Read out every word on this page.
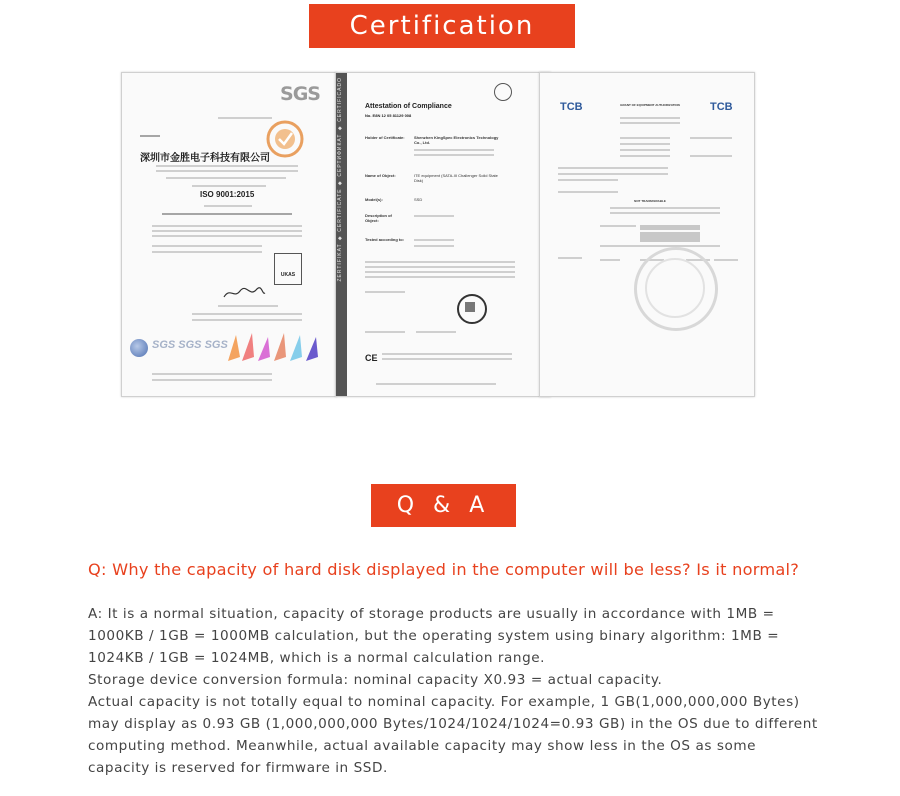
Certification
SGS
深圳市金胜电子科技有限公司
ISO 9001:2015
UKAS
SGS SGS SGS
ZERTIFIKAT ◆ CERTIFICATE ◆ СЕРТИФИКАТ ◆ CERTIFICADO	Attestation of Compliance
No. E8N 12 05 81129 008
Holder of Certificate: Shenzhen KingSpec Electronics Technology Co., Ltd.
Name of Object:	ITE equipment (SATA-III Challenger Solid State Disk)
Model(s):	SSD
Description of Object:
Tested according to:
CE
TCB	TCB
GRANT OF EQUIPMENT AUTHORIZATION
NOT TRANSFERABLE
Q & A

Q: Why the capacity of hard disk displayed in the computer will be less? Is it normal?

A: It is a normal situation, capacity of storage products are usually in accordance with 1MB = 1000KB / 1GB = 1000MB calculation, but the operating system using binary algorithm: 1MB = 1024KB / 1GB = 1024MB, which is a normal calculation range.

Storage device conversion formula: nominal capacity X0.93 = actual capacity.

Actual capacity is not totally equal to nominal capacity. For example, 1 GB(1,000,000,000 Bytes) may display as 0.93 GB (1,000,000,000 Bytes/1024/1024/1024=0.93 GB) in the OS due to different computing method. Meanwhile, actual available capacity may show less in the OS as some capacity is reserved for firmware in SSD.
